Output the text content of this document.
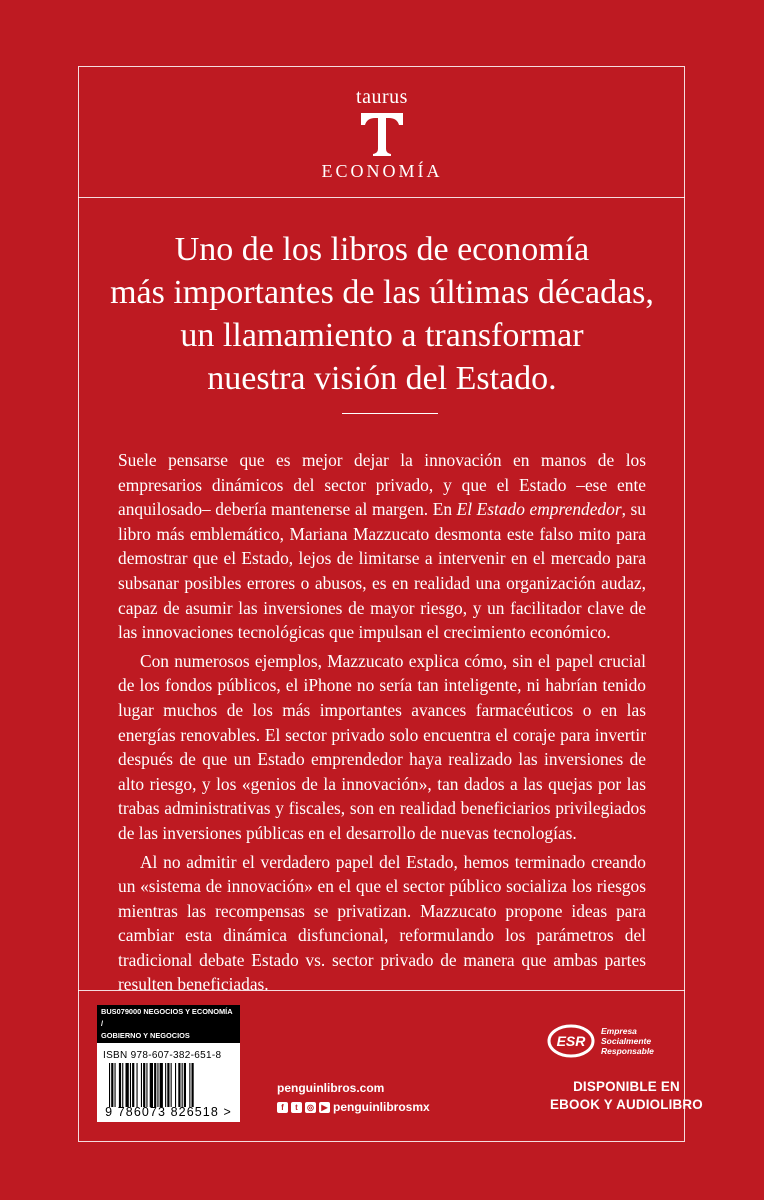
taurus
ECONOMÍA
Uno de los libros de economía
más importantes de las últimas décadas,
un llamamiento a transformar
nuestra visión del Estado.

Suele pensarse que es mejor dejar la innovación en manos de los empresarios dinámicos del sector privado, y que el Estado –ese ente anquilosado– debería mantenerse al margen. En El Estado emprendedor, su libro más emblemático, Mariana Mazzucato desmonta este falso mito para demostrar que el Estado, lejos de limitarse a intervenir en el mercado para subsanar posibles errores o abusos, es en realidad una organización audaz, capaz de asumir las inversiones de mayor riesgo, y un facilitador clave de las innovaciones tecnológicas que impulsan el crecimiento económico.

Con numerosos ejemplos, Mazzucato explica cómo, sin el papel crucial de los fondos públicos, el iPhone no sería tan inteligente, ni habrían tenido lugar muchos de los más importantes avances farmacéuticos o en las energías renovables. El sector privado solo encuentra el coraje para invertir después de que un Estado emprendedor haya realizado las inversiones de alto riesgo, y los «genios de la innovación», tan dados a las quejas por las trabas administrativas y fiscales, son en realidad beneficiarios privilegiados de las inversiones públicas en el desarrollo de nuevas tecnologías.

Al no admitir el verdadero papel del Estado, hemos terminado creando un «sistema de innovación» en el que el sector público socializa los riesgos mientras las recompensas se privatizan. Mazzucato propone ideas para cambiar esta dinámica disfuncional, reformulando los parámetros del tradicional debate Estado vs. sector privado de manera que ambas partes resulten beneficiadas.

BUS079000 NEGOCIOS Y ECONOMÍA /
GOBIERNO Y NEGOCIOS
ISBN 978-607-382-651-8
9 786073 826518 >
penguinlibros.com
f	t	◎ ▶ penguinlibrosmx
ESR
Empresa
Socialmente
Responsable
DISPONIBLE EN
EBOOK Y AUDIOLIBRO
